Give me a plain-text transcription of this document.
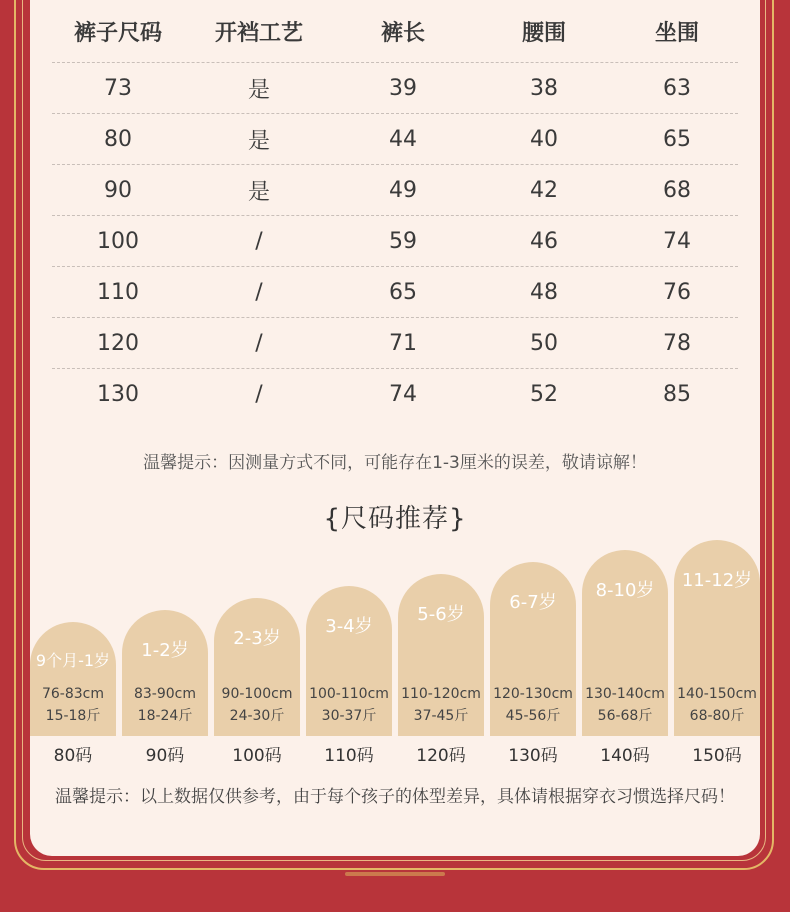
裤子尺码	开裆工艺	裤长	腰围	坐围
73	是	39	38	63
80	是	44	40	65
90	是	49	42	68
100	/	59	46	74
110	/	65	48	76
120	/	71	50	78
130	/	74	52	85
温馨提示：因测量方式不同，可能存在1-3厘米的误差，敬请谅解！
{尺码推荐}
9个月-1岁
76-83cm
15-18斤
80码
1-2岁
83-90cm
18-24斤
90码
2-3岁
90-100cm
24-30斤
100码
3-4岁
100-110cm
30-37斤
110码
5-6岁
110-120cm
37-45斤
120码
6-7岁
120-130cm
45-56斤
130码
8-10岁
130-140cm
56-68斤
140码
11-12岁
140-150cm
68-80斤
150码
温馨提示：以上数据仅供参考，由于每个孩子的体型差异，具体请根据穿衣习惯选择尺码！
